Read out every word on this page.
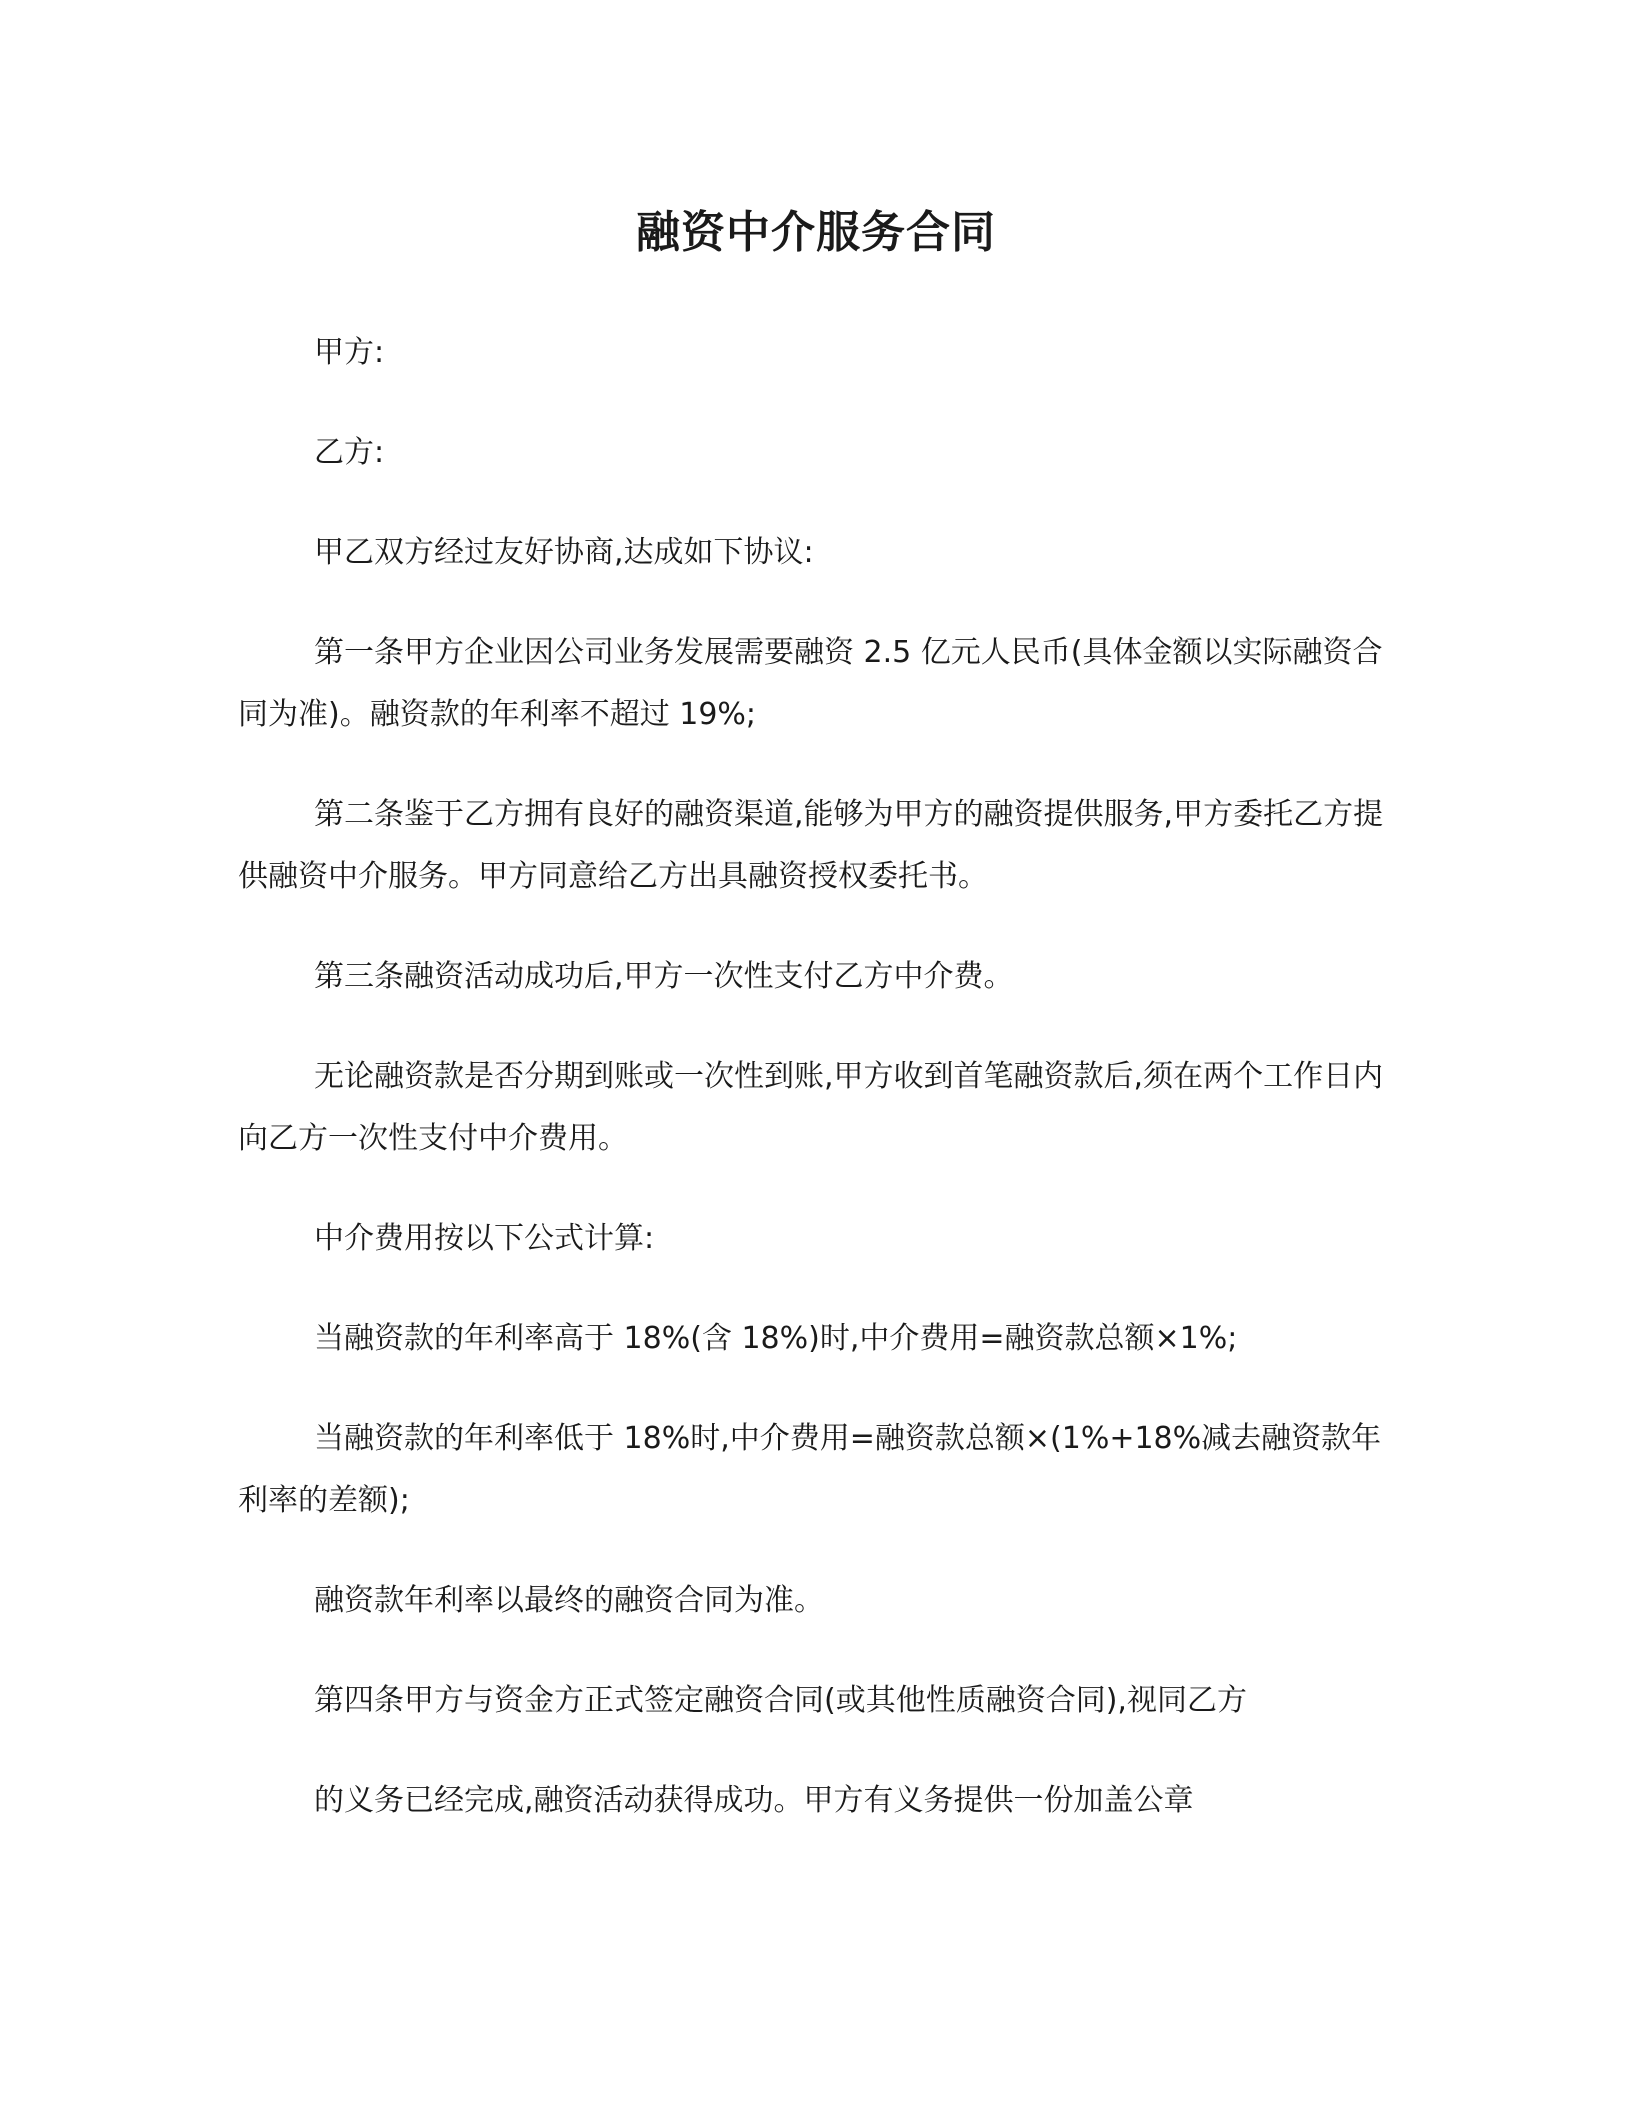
融资中介服务合同

甲方:

乙方:

甲乙双方经过友好协商,达成如下协议:

第一条甲方企业因公司业务发展需要融资 2.5 亿元人民币(具体金额以实际融资合同为准)。融资款的年利率不超过 19%;

第二条鉴于乙方拥有良好的融资渠道,能够为甲方的融资提供服务,甲方委托乙方提供融资中介服务。甲方同意给乙方出具融资授权委托书。

第三条融资活动成功后,甲方一次性支付乙方中介费。

无论融资款是否分期到账或一次性到账,甲方收到首笔融资款后,须在两个工作日内向乙方一次性支付中介费用。

中介费用按以下公式计算:

当融资款的年利率高于 18%(含 18%)时,中介费用=融资款总额×1%;

当融资款的年利率低于 18%时,中介费用=融资款总额×(1%+18%减去融资款年利率的差额);

融资款年利率以最终的融资合同为准。

第四条甲方与资金方正式签定融资合同(或其他性质融资合同),视同乙方

的义务已经完成,融资活动获得成功。甲方有义务提供一份加盖公章
